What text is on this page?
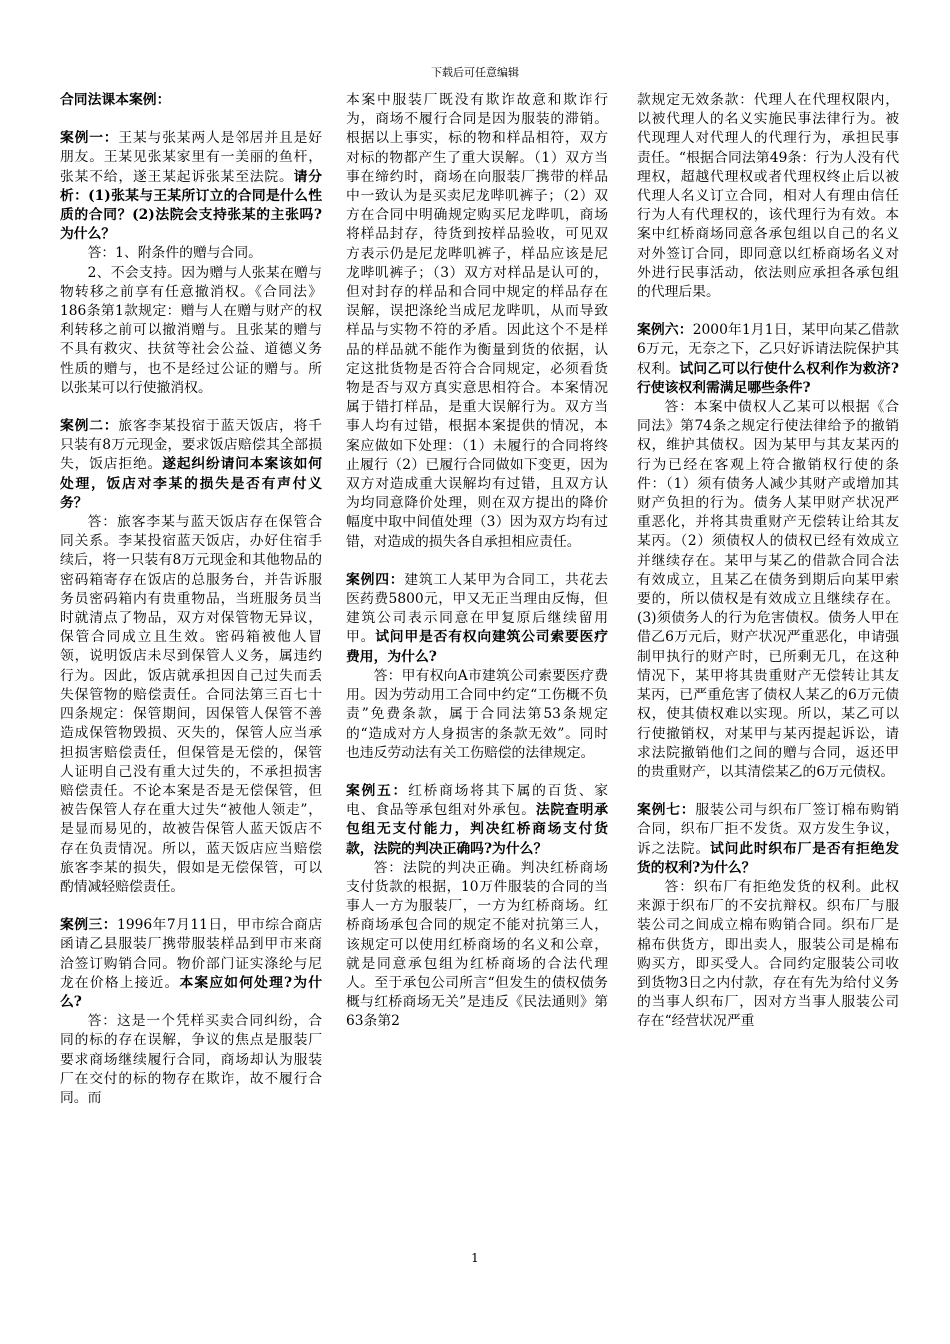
下载后可任意编辑

合同法课本案例：

案例一：王某与张某两人是邻居并且是好朋友。王某见张某家里有一美丽的鱼杆，张某不给，遂王某起诉张某至法院。请分析：(1)张某与王某所订立的合同是什么性质的合同？(2)法院会支持张某的主张吗?为什么？

答：1、附条件的赠与合同。

2、不会支持。因为赠与人张某在赠与物转移之前享有任意撤消权。《合同法》186条第1款规定：赠与人在赠与财产的权利转移之前可以撤消赠与。且张某的赠与不具有救灾、扶贫等社会公益、道德义务性质的赠与，也不是经过公证的赠与。所以张某可以行使撤消权。

案例二：旅客李某投宿于蓝天饭店，将千只装有8万元现金，要求饭店赔偿其全部损失，饭店拒绝。遂起纠纷请问本案该如何处理，饭店对李某的损失是否有声付义务？

答：旅客李某与蓝天饭店存在保管合同关系。李某投宿蓝天饭店，办好住宿手续后，将一只装有8万元现金和其他物品的密码箱寄存在饭店的总服务台，并告诉服务员密码箱内有贵重物品，当班服务员当时就清点了物品，双方对保管物无异议，保管合同成立且生效。密码箱被他人冒领，说明饭店未尽到保管人义务，属违约行为。因此，饭店就承担因自己过失而丢失保管物的赔偿责任。合同法第三百七十四条规定：保管期间，因保管人保管不善造成保管物毁损、灭失的，保管人应当承担损害赔偿责任，但保管是无偿的，保管人证明自己没有重大过失的，不承担损害赔偿责任。不论本案是否是无偿保管，但被告保管人存在重大过失“被他人领走”，是显而易见的，故被告保管人蓝天饭店不存在负责情况。所以，蓝天饭店应当赔偿旅客李某的损失，假如是无偿保管，可以酌情减轻赔偿责任。

案例三：1996年7月11日，甲市综合商店函请乙县服装厂携带服装样品到甲市来商洽签订购销合同。物价部门证实涤纶与尼龙在价格上接近。本案应如何处理?为什么?

答：这是一个凭样买卖合同纠纷，合同的标的存在误解，争议的焦点是服装厂要求商场继续履行合同，商场却认为服装厂在交付的标的物存在欺诈，故不履行合同。而

本案中服装厂既没有欺诈故意和欺诈行为，商场不履行合同是因为服装的滞销。根据以上事实，标的物和样品相符，双方对标的物都产生了重大误解。（1）双方当事在缔约时，商场在向服装厂携带的样品中一致认为是买卖尼龙哔叽裤子；（2）双方在合同中明确规定购买尼龙哔叽，商场将样品封存，待货到按样品验收，可见双方表示仍是尼龙哔叽裤子，样品应该是尼龙哔叽裤子；（3）双方对样品是认可的，但对封存的样品和合同中规定的样品存在误解，误把涤纶当成尼龙哔叽，从而导致样品与实物不符的矛盾。因此这个不是样品的样品就不能作为衡量到货的依据，认定这批货物是否符合合同规定，必须看货物是否与双方真实意思相符合。本案情况属于错打样品，是重大误解行为。双方当事人均有过错，根据本案提供的情况，本案应做如下处理：（1）未履行的合同将终止履行（2）已履行合同做如下变更，因为双方对造成重大误解均有过错，且双方认为均同意降价处理，则在双方提出的降价幅度中取中间值处理（3）因为双方均有过错，对造成的损失各自承担相应责任。

案例四：建筑工人某甲为合同工，共花去医药费5800元，甲又无正当理由反悔，但建筑公司表示同意在甲复原后继续留用甲。试问甲是否有权向建筑公司索要医疗费用，为什么?

答：甲有权向A市建筑公司索要医疗费用。因为劳动用工合同中约定“工伤概不负责”免费条款，属于合同法第53条规定的“造成对方人身损害的条款无效”。同时也违反劳动法有关工伤赔偿的法律规定。

案例五：红桥商场将其下属的百货、家电、食品等承包组对外承包。法院查明承包组无支付能力，判决红桥商场支付货款，法院的判决正确吗?为什么？

答：法院的判决正确。判决红桥商场支付货款的根据，10万件服装的合同的当事人一方为服装厂，一方为红桥商场。红桥商场承包合同的规定不能对抗第三人，该规定可以使用红桥商场的名义和公章，就是同意承包组为红桥商场的合法代理人。至于承包公司所言“但发生的债权债务概与红桥商场无关”是违反《民法通则》第63条第2

款规定无效条款：代理人在代理权限内，以被代理人的名义实施民事法律行为。被代现理人对代理人的代理行为，承担民事责任。“根据合同法第49条：行为人没有代理权，超越代理权或者代理权终止后以被代理人名义订立合同，相对人有理由信任行为人有代理权的，该代理行为有效。本案中红桥商场同意各承包组以自己的名义对外签订合同，即同意以红桥商场名义对外进行民事活动，依法则应承担各承包组的代理后果。

案例六：2000年1月1日，某甲向某乙借款6万元，无奈之下，乙只好诉请法院保护其权利。试问乙可以行使什么权利作为救济?行使该权利需满足哪些条件?

答：本案中债权人乙某可以根据《合同法》第74条之规定行使法律给予的撤销权，维护其债权。因为某甲与其友某丙的行为已经在客观上符合撤销权行使的条件：（1）须有债务人减少其财产或增加其财产负担的行为。债务人某甲财产状况严重恶化，并将其贵重财产无偿转让给其友某丙。（2）须债权人的债权已经有效成立并继续存在。某甲与某乙的借款合同合法有效成立，且某乙在债务到期后向某甲索要的，所以债权是有效成立且继续存在。(3)须债务人的行为危害债权。债务人甲在借乙6万元后，财产状况严重恶化，申请强制甲执行的财产时，已所剩无几，在这种情况下，某甲将其贵重财产无偿转让其友某丙，已严重危害了债权人某乙的6万元债权，使其债权难以实现。所以，某乙可以行使撤销权，对某甲与某丙提起诉讼，请求法院撤销他们之间的赠与合同，返还甲的贵重财产，以其清偿某乙的6万元债权。

案例七：服装公司与织布厂签订棉布购销合同，织布厂拒不发货。双方发生争议，诉之法院。试问此时织布厂是否有拒绝发货的权利?为什么？

答：织布厂有拒绝发货的权利。此权来源于织布厂的不安抗辩权。织布厂与服装公司之间成立棉布购销合同。织布厂是棉布供货方，即出卖人，服装公司是棉布购买方，即买受人。合同约定服装公司收到货物3日之内付款，存在有先为给付义务的当事人织布厂，因对方当事人服装公司存在“经营状况严重

1
